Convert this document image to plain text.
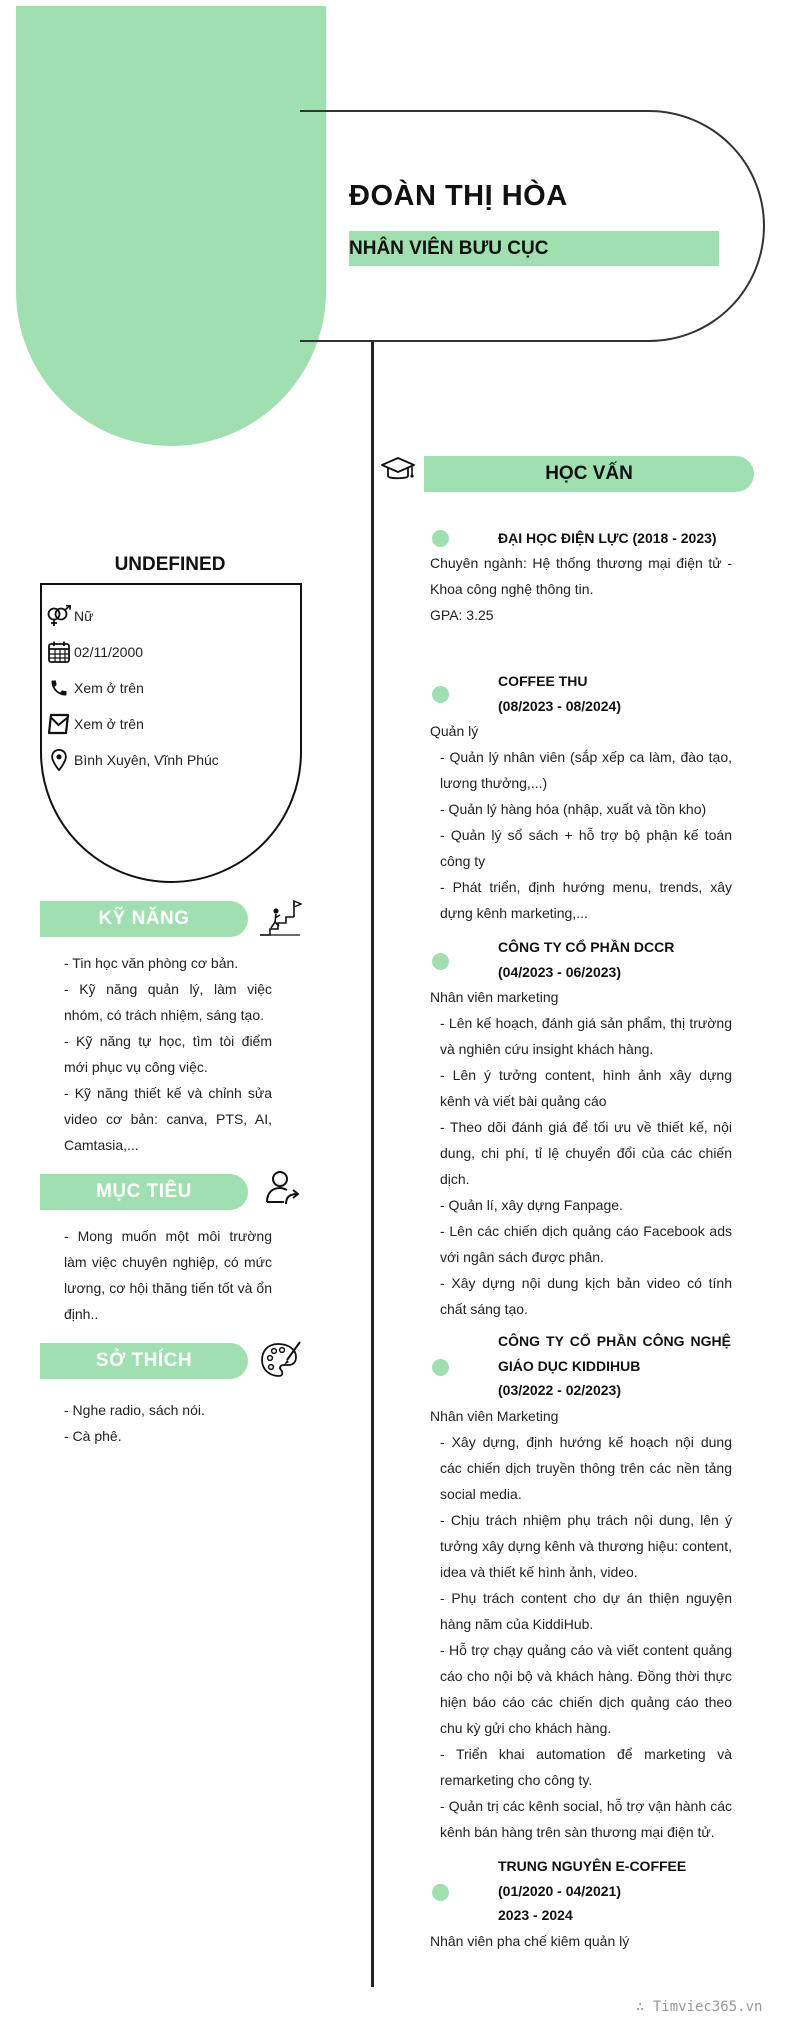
ĐOÀN THỊ HÒA
NHÂN VIÊN BƯU CỤC
UNDEFINED
Nữ
02/11/2000
Xem ở trên
Xem ở trên
Bình Xuyên, Vĩnh Phúc
KỸ NĂNG
- Tin học văn phòng cơ bản.
- Kỹ năng quản lý, làm việc nhóm, có trách nhiệm, sáng tạo.
- Kỹ năng tự học, tìm tòi điểm mới phục vụ công việc.
- Kỹ năng thiết kế và chỉnh sửa video cơ bản: canva, PTS, AI, Camtasia,...
MỤC TIÊU
- Mong muốn một môi trường làm việc chuyên nghiệp, có mức lương, cơ hội thăng tiến tốt và ổn định..
SỞ THÍCH
- Nghe radio, sách nói.
- Cà phê.
HỌC VẤN
ĐẠI HỌC ĐIỆN LỰC (2018 - 2023)
Chuyên ngành: Hệ thống thương mại điện tử - Khoa công nghệ thông tin.
GPA: 3.25
COFFEE THU
(08/2023 - 08/2024)
Quản lý
- Quản lý nhân viên (sắp xếp ca làm, đào tạo, lương thưởng,...)
- Quản lý hàng hóa (nhập, xuất và tồn kho)
- Quản lý sổ sách + hỗ trợ bộ phận kế toán công ty
- Phát triển, định hướng menu, trends, xây dựng kênh marketing,...
CÔNG TY CỔ PHẦN DCCR
(04/2023 - 06/2023)
Nhân viên marketing
- Lên kế hoạch, đánh giá sản phẩm, thị trường và nghiên cứu insight khách hàng.
- Lên ý tưởng content, hình ảnh xây dựng kênh và viết bài quảng cáo
- Theo dõi đánh giá để tối ưu về thiết kế, nội dung, chi phí, tỉ lệ chuyển đổi của các chiến dịch.
- Quản lí, xây dựng Fanpage.
- Lên các chiến dịch quảng cáo Facebook ads với ngân sách được phân.
- Xây dựng nội dung kịch bản video có tính chất sáng tạo.
CÔNG TY CỔ PHẦN CÔNG NGHỆ GIÁO DỤC KIDDIHUB
(03/2022 - 02/2023)
Nhân viên Marketing
- Xây dựng, định hướng kế hoạch nội dung các chiến dịch truyền thông trên các nền tảng social media.
- Chịu trách nhiệm phụ trách nội dung, lên ý tưởng xây dựng kênh và thương hiệu: content, idea và thiết kế hình ảnh, video.
- Phụ trách content cho dự án thiện nguyện hàng năm của KiddiHub.
- Hỗ trợ chạy quảng cáo và viết content quảng cáo cho nội bộ và khách hàng. Đồng thời thực hiện báo cáo các chiến dịch quảng cáo theo chu kỳ gửi cho khách hàng.
- Triển khai automation để marketing và remarketing cho công ty.
- Quản trị các kênh social, hỗ trợ vận hành các kênh bán hàng trên sàn thương mại điện tử.
TRUNG NGUYÊN E-COFFEE
(01/2020 - 04/2021)
2023 - 2024
Nhân viên pha chế kiêm quản lý
∴ Timviec365.vn
